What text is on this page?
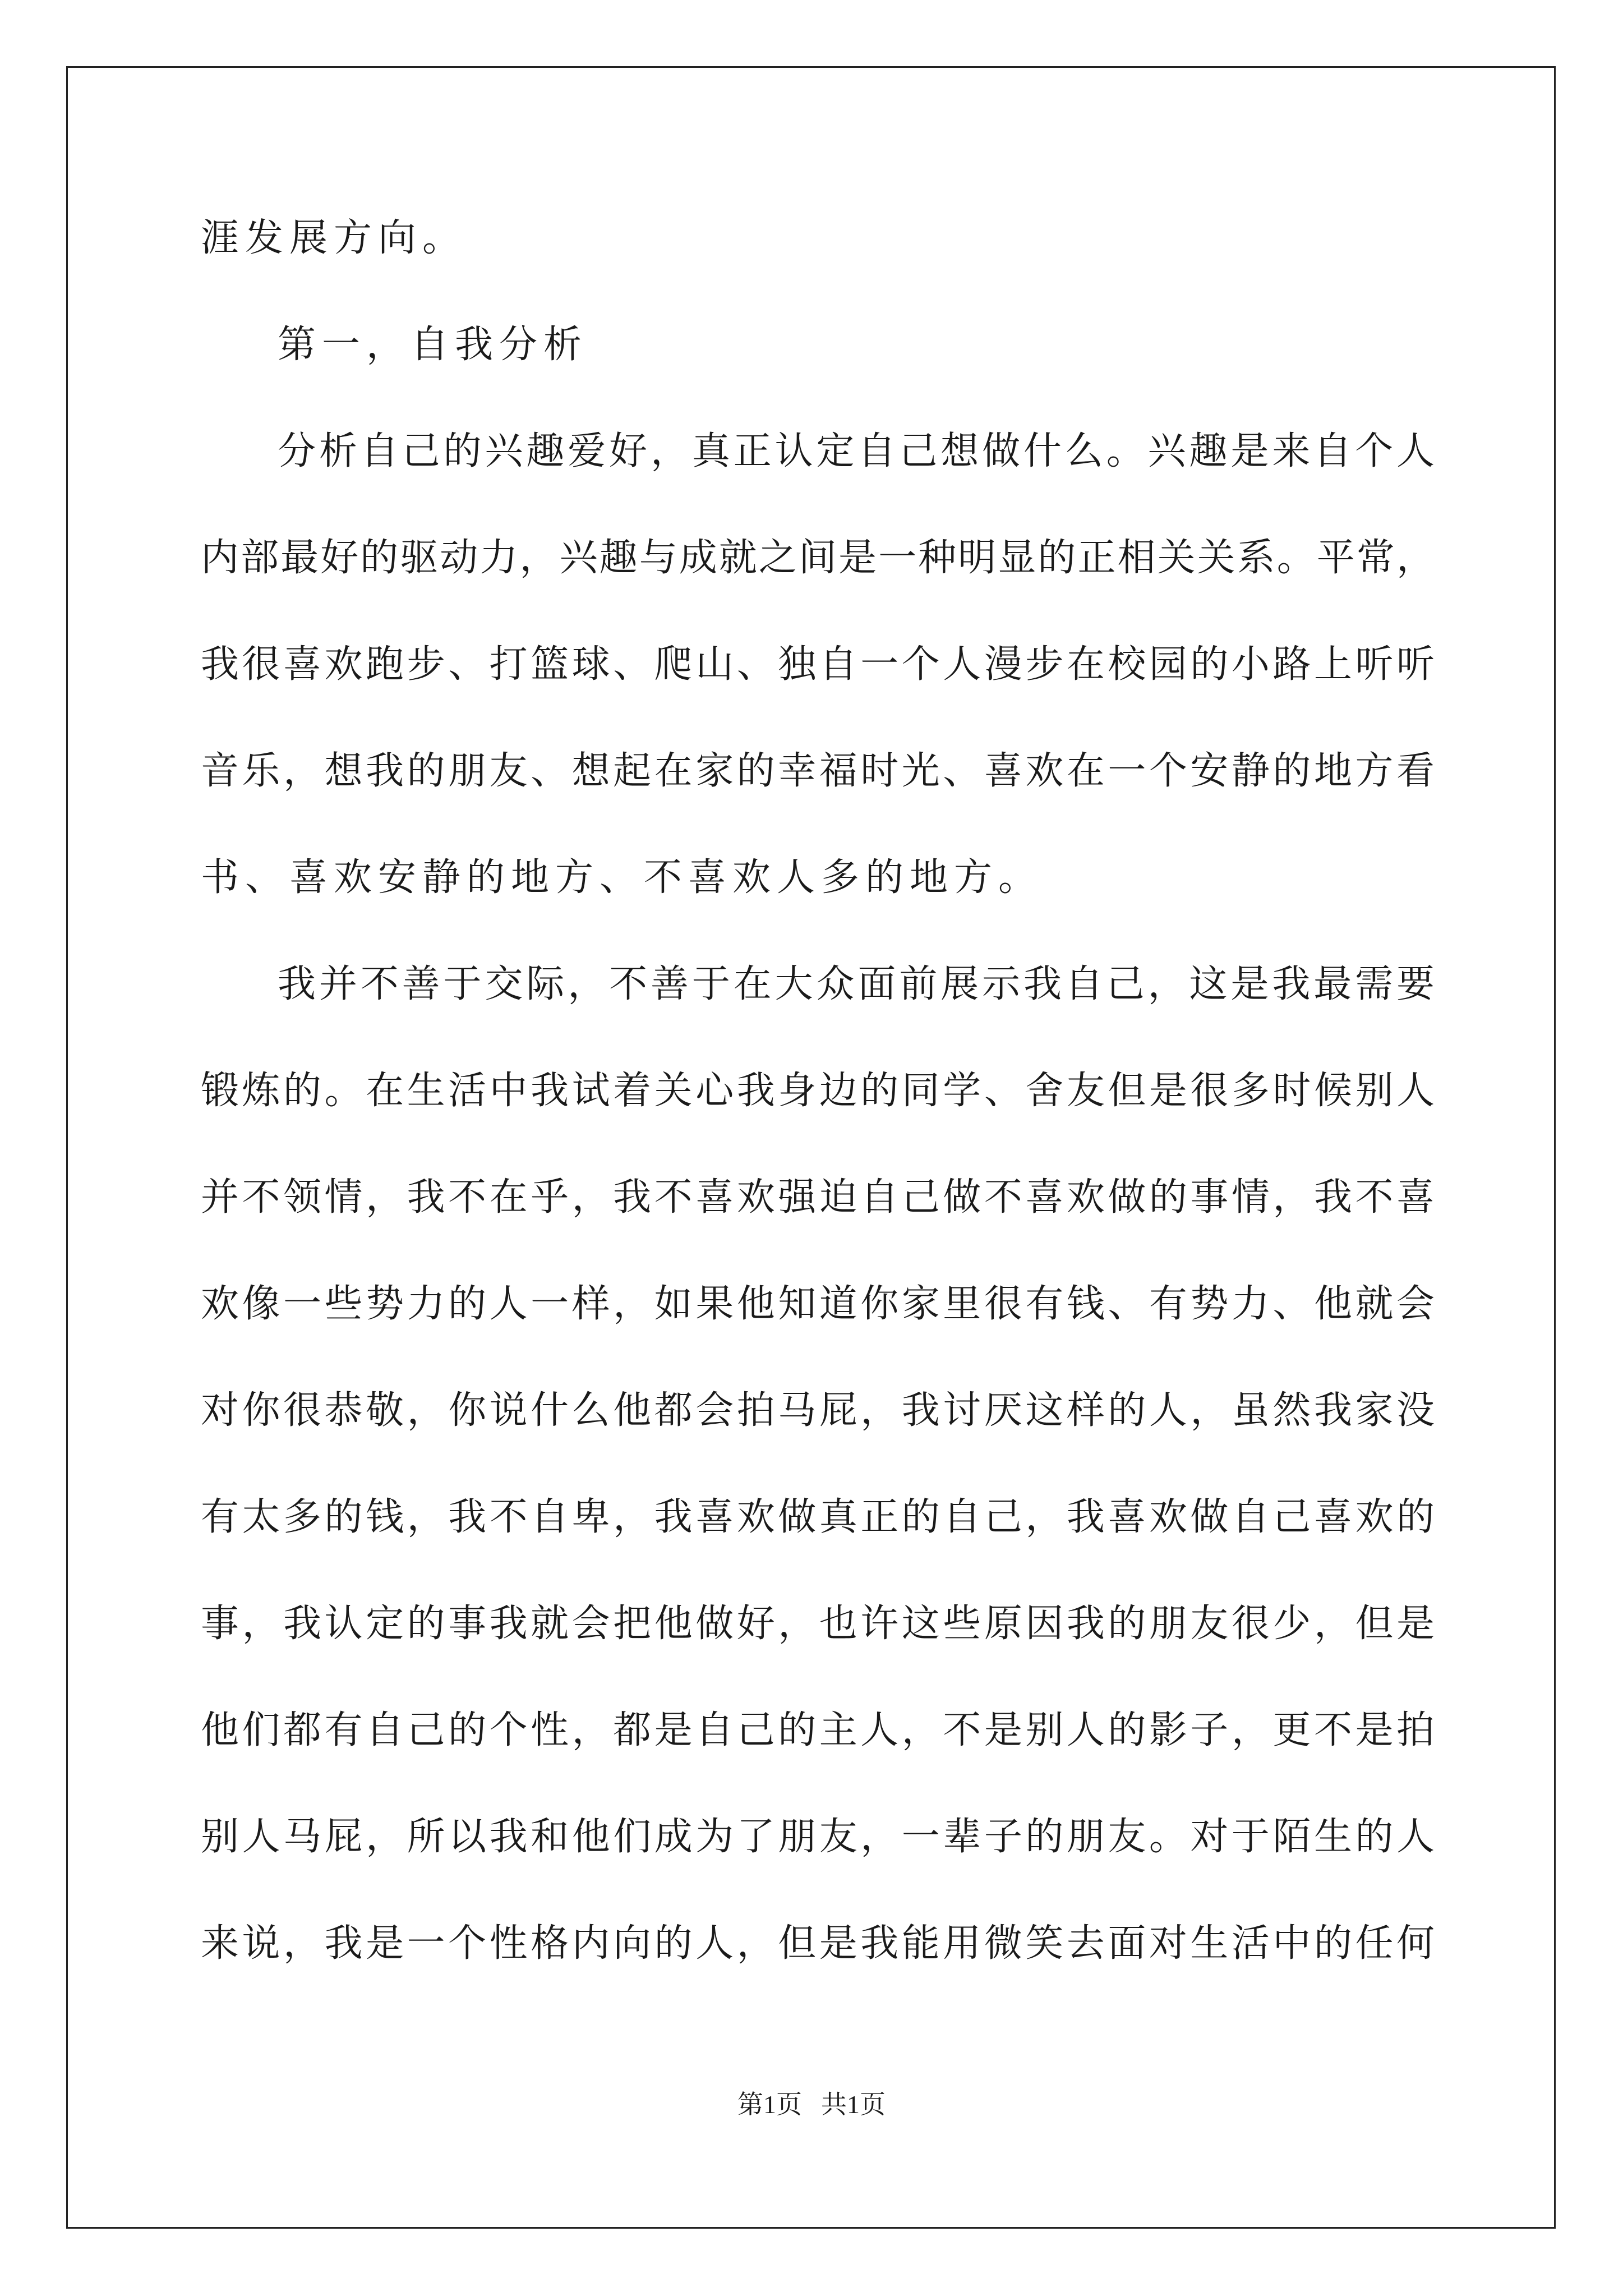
涯发展方向。
第一，自我分析
分析自己的兴趣爱好，真正认定自己想做什么。兴趣是来自个人
内部最好的驱动力，兴趣与成就之间是一种明显的正相关关系。平常，
我很喜欢跑步、打篮球、爬山、独自一个人漫步在校园的小路上听听
音乐，想我的朋友、想起在家的幸福时光、喜欢在一个安静的地方看
书、喜欢安静的地方、不喜欢人多的地方。
我并不善于交际，不善于在大众面前展示我自己，这是我最需要
锻炼的。在生活中我试着关心我身边的同学、舍友但是很多时候别人
并不领情，我不在乎，我不喜欢强迫自己做不喜欢做的事情，我不喜
欢像一些势力的人一样，如果他知道你家里很有钱、有势力、他就会
对你很恭敬，你说什么他都会拍马屁，我讨厌这样的人，虽然我家没
有太多的钱，我不自卑，我喜欢做真正的自己，我喜欢做自己喜欢的
事，我认定的事我就会把他做好，也许这些原因我的朋友很少，但是
他们都有自己的个性，都是自己的主人，不是别人的影子，更不是拍
别人马屁，所以我和他们成为了朋友，一辈子的朋友。对于陌生的人
来说，我是一个性格内向的人，但是我能用微笑去面对生活中的任何
第1页 共1页
